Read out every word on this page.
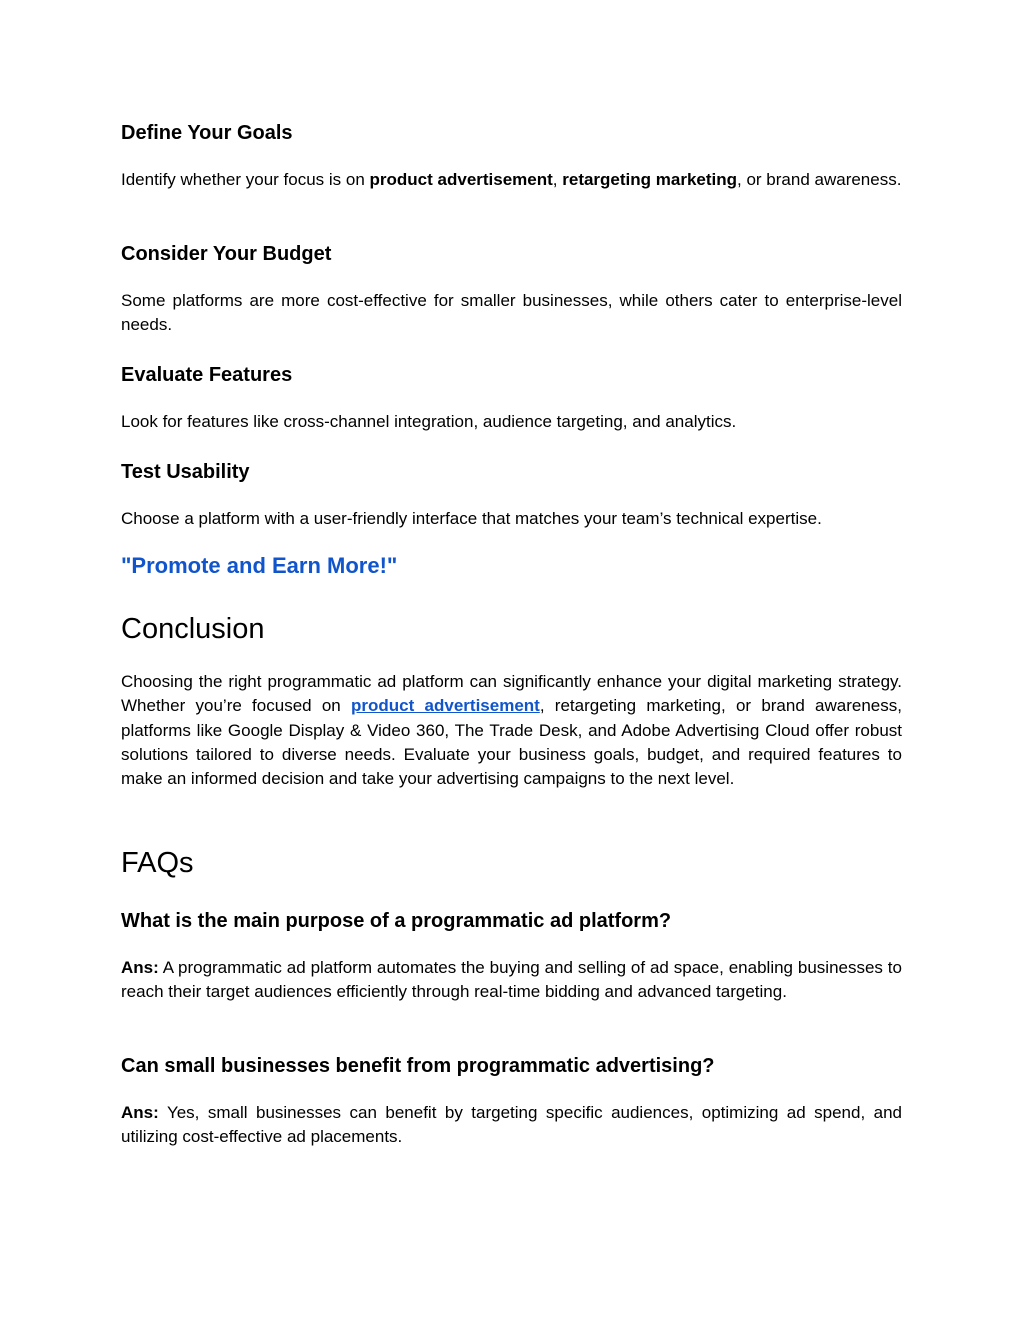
Define Your Goals

Identify whether your focus is on product advertisement, retargeting marketing, or brand awareness.

Consider Your Budget

Some platforms are more cost-effective for smaller businesses, while others cater to enterprise-level needs.

Evaluate Features

Look for features like cross-channel integration, audience targeting, and analytics.

Test Usability

Choose a platform with a user-friendly interface that matches your team’s technical expertise.

"Promote and Earn More!"

Conclusion

Choosing the right programmatic ad platform can significantly enhance your digital marketing strategy. Whether you’re focused on product advertisement, retargeting marketing, or brand awareness, platforms like Google Display & Video 360, The Trade Desk, and Adobe Advertising Cloud offer robust solutions tailored to diverse needs. Evaluate your business goals, budget, and required features to make an informed decision and take your advertising campaigns to the next level.

FAQs
What is the main purpose of a programmatic ad platform?

Ans: A programmatic ad platform automates the buying and selling of ad space, enabling businesses to reach their target audiences efficiently through real-time bidding and advanced targeting.

Can small businesses benefit from programmatic advertising?

Ans: Yes, small businesses can benefit by targeting specific audiences, optimizing ad spend, and utilizing cost-effective ad placements.
